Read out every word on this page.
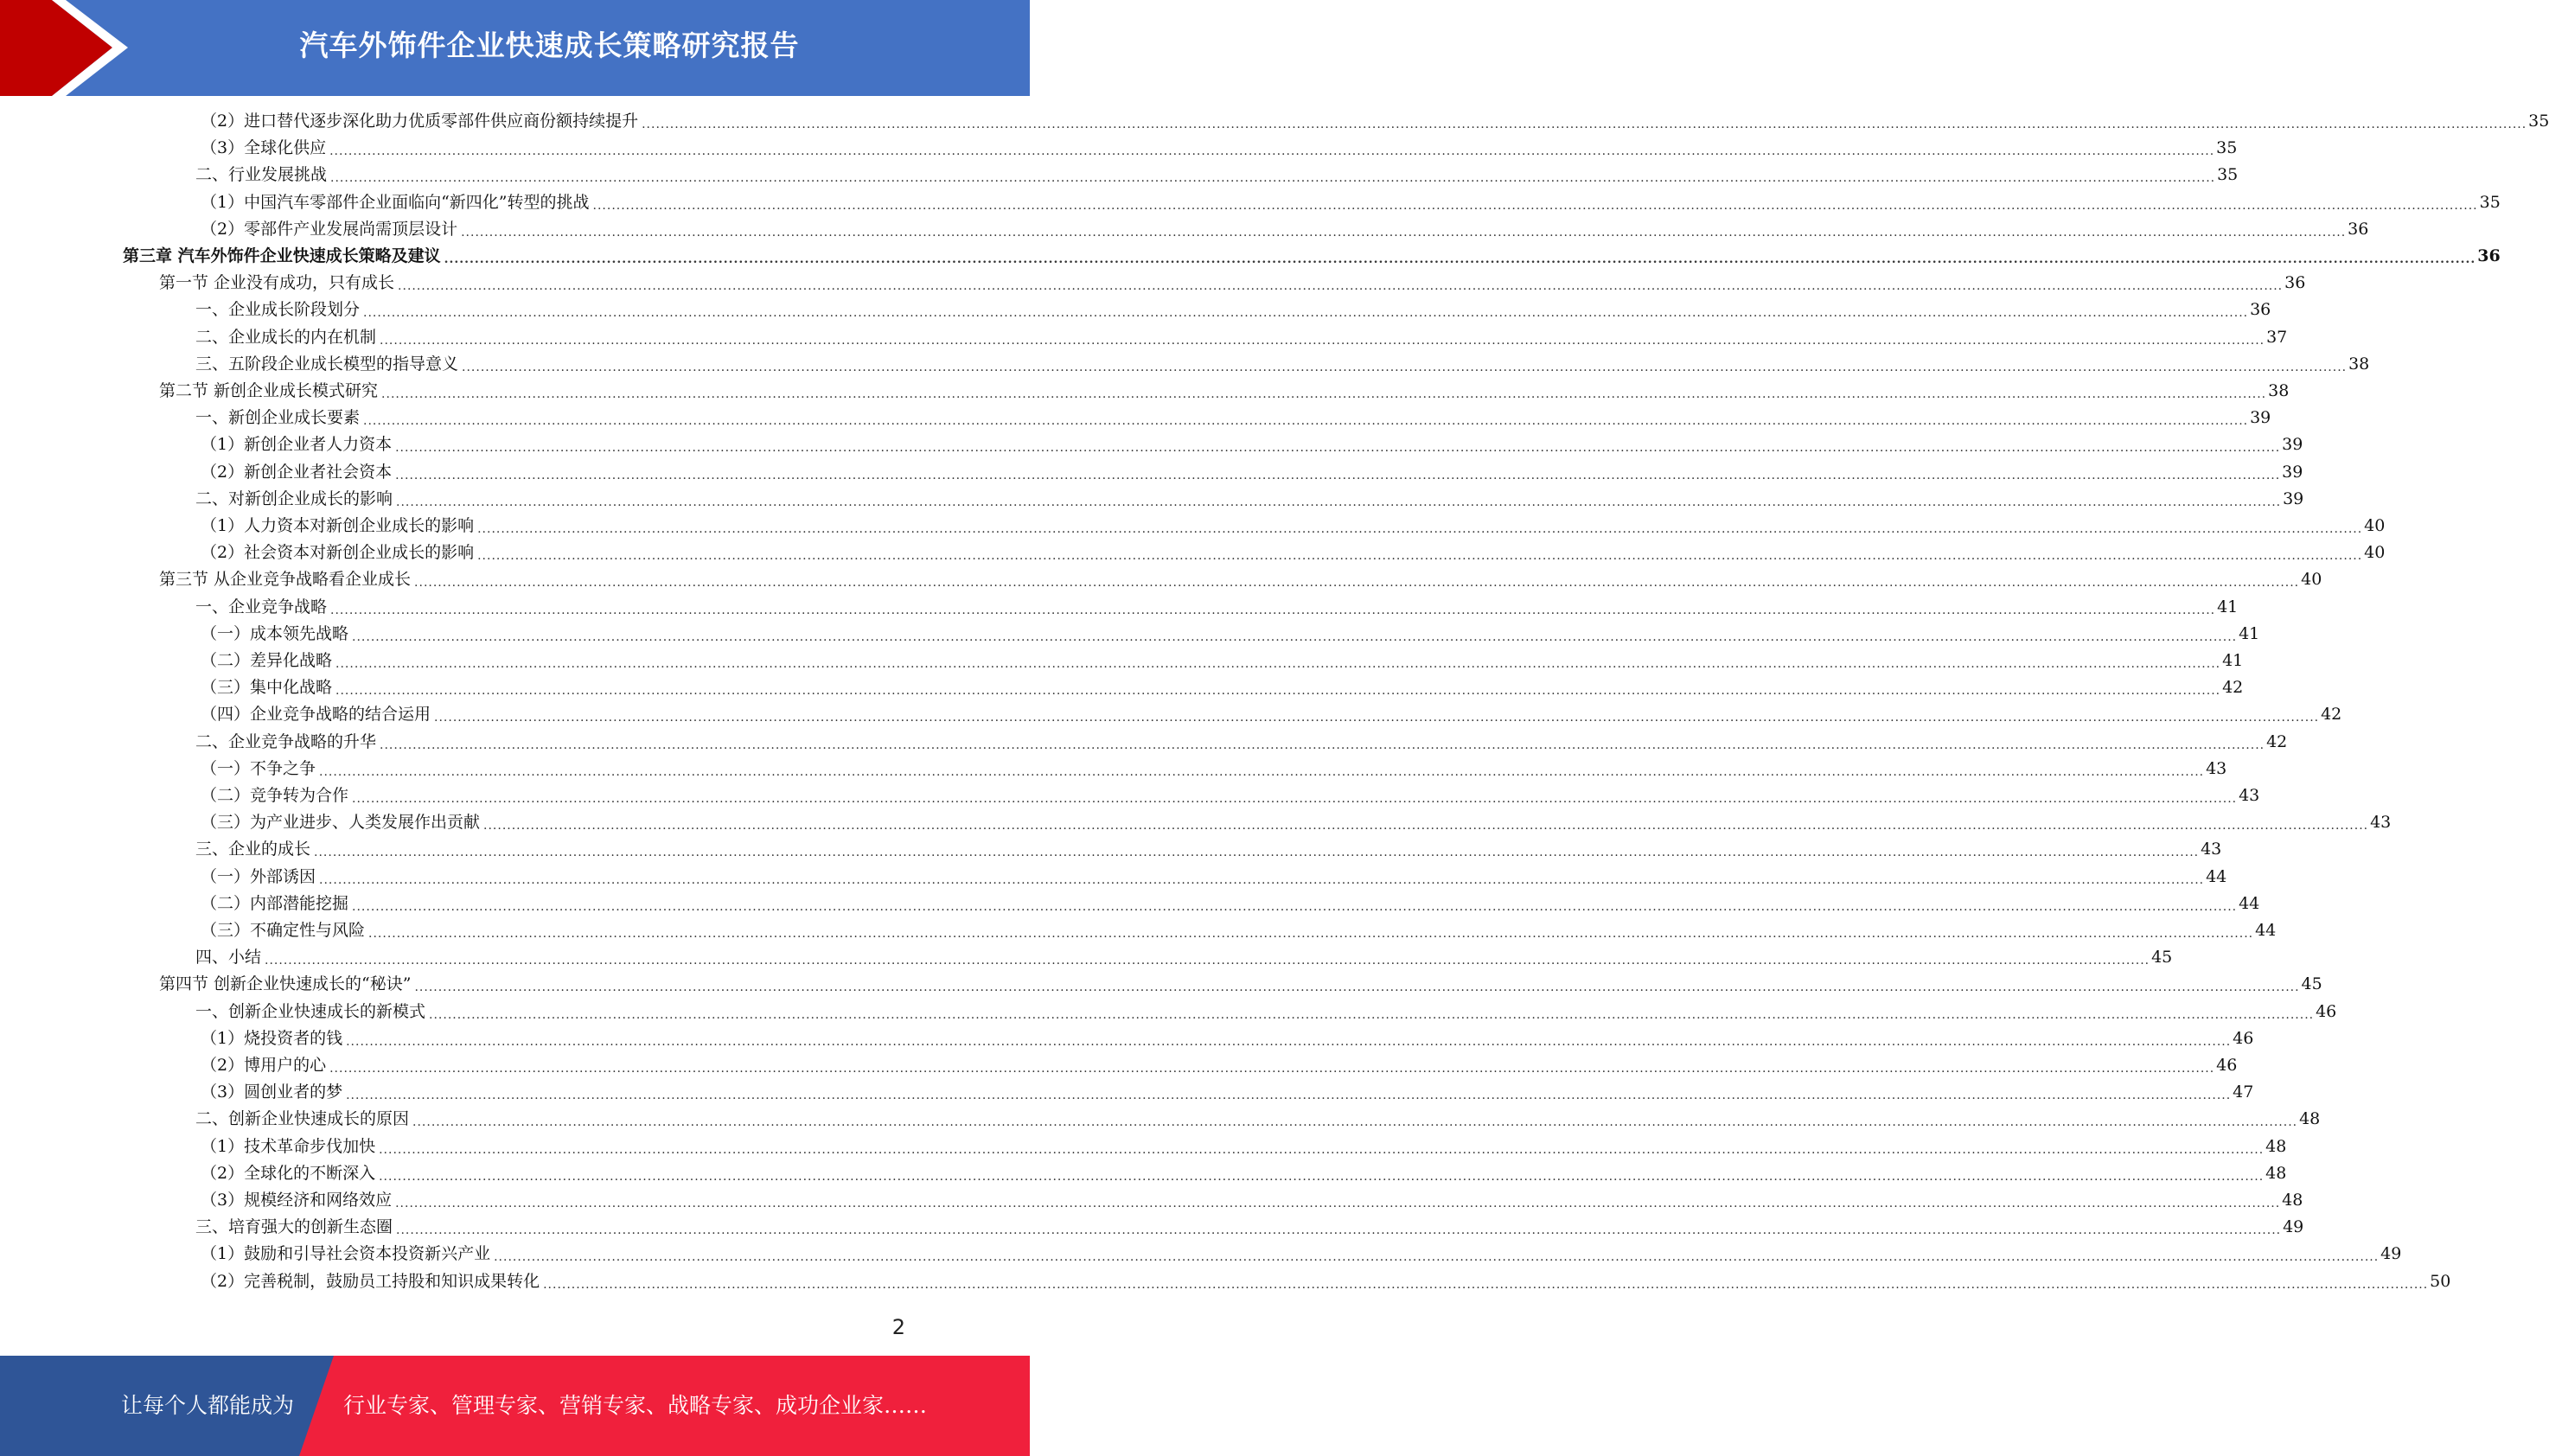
汽车外饰件企业快速成长策略研究报告
（2）进口替代逐步深化助力优质零部件供应商份额持续提升 ................................................................................................................................................................................................................................................................................................................................................................................................................ 35
（3）全球化供应 ................................................................................................................................................................................................................................................................................................................................................................................................................ 35
二、行业发展挑战 ................................................................................................................................................................................................................................................................................................................................................................................................................ 35
（1）中国汽车零部件企业面临向“新四化”转型的挑战 ................................................................................................................................................................................................................................................................................................................................................................................................................ 35
（2）零部件产业发展尚需顶层设计 ................................................................................................................................................................................................................................................................................................................................................................................................................ 36
第三章 汽车外饰件企业快速成长策略及建议 ................................................................................................................................................................................................................................................................................................................................................................................................................ 36
第一节 企业没有成功，只有成长 ................................................................................................................................................................................................................................................................................................................................................................................................................ 36
一、企业成长阶段划分 ................................................................................................................................................................................................................................................................................................................................................................................................................ 36
二、企业成长的内在机制 ................................................................................................................................................................................................................................................................................................................................................................................................................ 37
三、五阶段企业成长模型的指导意义 ................................................................................................................................................................................................................................................................................................................................................................................................................ 38
第二节 新创企业成长模式研究 ................................................................................................................................................................................................................................................................................................................................................................................................................ 38
一、新创企业成长要素 ................................................................................................................................................................................................................................................................................................................................................................................................................ 39
（1）新创企业者人力资本 ................................................................................................................................................................................................................................................................................................................................................................................................................ 39
（2）新创企业者社会资本 ................................................................................................................................................................................................................................................................................................................................................................................................................ 39
二、对新创企业成长的影响 ................................................................................................................................................................................................................................................................................................................................................................................................................ 39
（1）人力资本对新创企业成长的影响 ................................................................................................................................................................................................................................................................................................................................................................................................................ 40
（2）社会资本对新创企业成长的影响 ................................................................................................................................................................................................................................................................................................................................................................................................................ 40
第三节 从企业竞争战略看企业成长 ................................................................................................................................................................................................................................................................................................................................................................................................................ 40
一、企业竞争战略 ................................................................................................................................................................................................................................................................................................................................................................................................................ 41
（一）成本领先战略 ................................................................................................................................................................................................................................................................................................................................................................................................................ 41
（二）差异化战略 ................................................................................................................................................................................................................................................................................................................................................................................................................ 41
（三）集中化战略 ................................................................................................................................................................................................................................................................................................................................................................................................................ 42
（四）企业竞争战略的结合运用 ................................................................................................................................................................................................................................................................................................................................................................................................................ 42
二、企业竞争战略的升华 ................................................................................................................................................................................................................................................................................................................................................................................................................ 42
（一）不争之争 ................................................................................................................................................................................................................................................................................................................................................................................................................ 43
（二）竞争转为合作 ................................................................................................................................................................................................................................................................................................................................................................................................................ 43
（三）为产业进步、人类发展作出贡献 ................................................................................................................................................................................................................................................................................................................................................................................................................ 43
三、企业的成长 ................................................................................................................................................................................................................................................................................................................................................................................................................ 43
（一）外部诱因 ................................................................................................................................................................................................................................................................................................................................................................................................................ 44
（二）内部潜能挖掘 ................................................................................................................................................................................................................................................................................................................................................................................................................ 44
（三）不确定性与风险 ................................................................................................................................................................................................................................................................................................................................................................................................................ 44
四、小结 ................................................................................................................................................................................................................................................................................................................................................................................................................ 45
第四节 创新企业快速成长的“秘诀” ................................................................................................................................................................................................................................................................................................................................................................................................................ 45
一、创新企业快速成长的新模式 ................................................................................................................................................................................................................................................................................................................................................................................................................ 46
（1）烧投资者的钱 ................................................................................................................................................................................................................................................................................................................................................................................................................ 46
（2）博用户的心 ................................................................................................................................................................................................................................................................................................................................................................................................................ 46
（3）圆创业者的梦 ................................................................................................................................................................................................................................................................................................................................................................................................................ 47
二、创新企业快速成长的原因 ................................................................................................................................................................................................................................................................................................................................................................................................................ 48
（1）技术革命步伐加快 ................................................................................................................................................................................................................................................................................................................................................................................................................ 48
（2）全球化的不断深入 ................................................................................................................................................................................................................................................................................................................................................................................................................ 48
（3）规模经济和网络效应 ................................................................................................................................................................................................................................................................................................................................................................................................................ 48
三、培育强大的创新生态圈 ................................................................................................................................................................................................................................................................................................................................................................................................................ 49
（1）鼓励和引导社会资本投资新兴产业 ................................................................................................................................................................................................................................................................................................................................................................................................................ 49
（2）完善税制，鼓励员工持股和知识成果转化 ................................................................................................................................................................................................................................................................................................................................................................................................................ 50
2
让每个人都能成为 行业专家、管理专家、营销专家、战略专家、成功企业家……
